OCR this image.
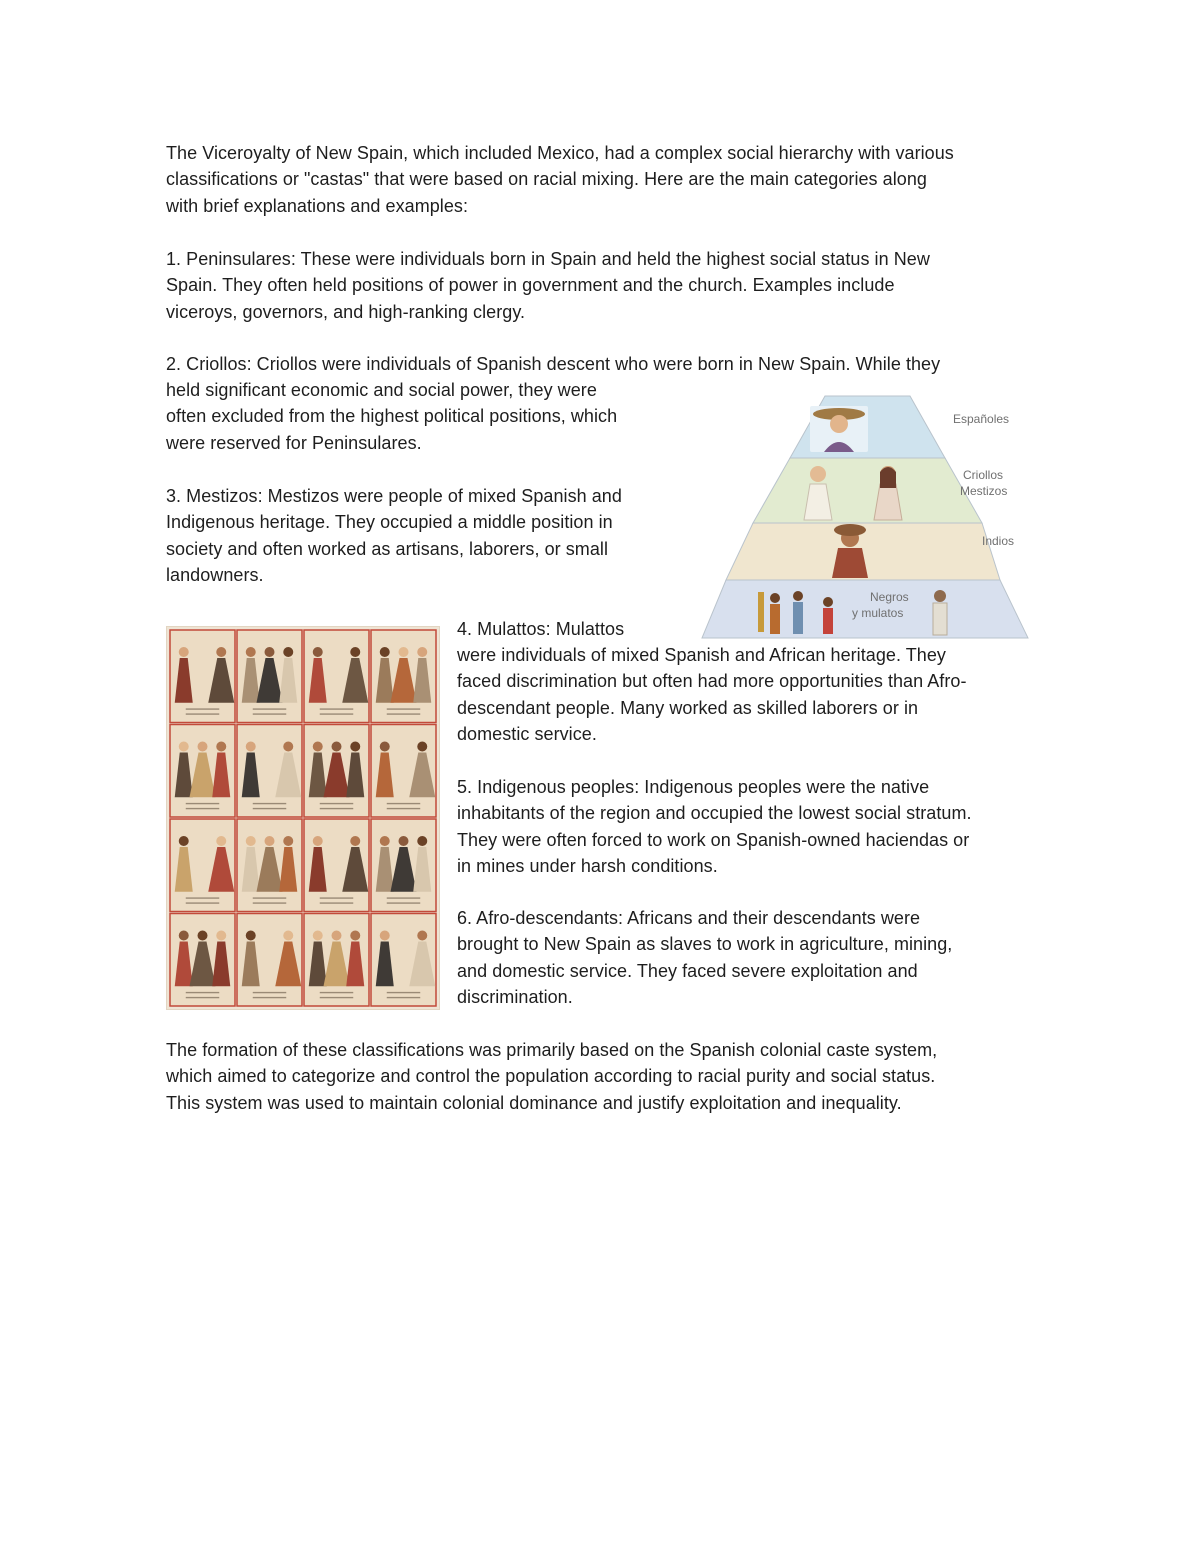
The Viceroyalty of New Spain, which included Mexico, had a complex social hierarchy with various
classifications or "castas" that were based on racial mixing. Here are the main categories along
with brief explanations and examples:

1. Peninsulares: These were individuals born in Spain and held the highest social status in New
Spain. They often held positions of power in government and the church. Examples include
viceroys, governors, and high-ranking clergy.

2. Criollos: Criollos were individuals of Spanish descent who were born in New Spain. While they

held significant economic and social power, they were
often excluded from the highest political positions, which
were reserved for Peninsulares.

3. Mestizos: Mestizos were people of mixed Spanish and
Indigenous heritage. They occupied a middle position in
society and often worked as artisans, laborers, or small
landowners.

4. Mulattos: Mulattos

were individuals of mixed Spanish and African heritage. They
faced discrimination but often had more opportunities than Afro-
descendant people. Many worked as skilled laborers or in
domestic service.

5. Indigenous peoples: Indigenous peoples were the native
inhabitants of the region and occupied the lowest social stratum.
They were often forced to work on Spanish-owned haciendas or
in mines under harsh conditions.

6. Afro-descendants: Africans and their descendants were
brought to New Spain as slaves to work in agriculture, mining,
and domestic service. They faced severe exploitation and
discrimination.

The formation of these classifications was primarily based on the Spanish colonial caste system,
which aimed to categorize and control the population according to racial purity and social status.
This system was used to maintain colonial dominance and justify exploitation and inequality.

Españoles
Criollos
Mestizos
Indios
Negros
y mulatos
